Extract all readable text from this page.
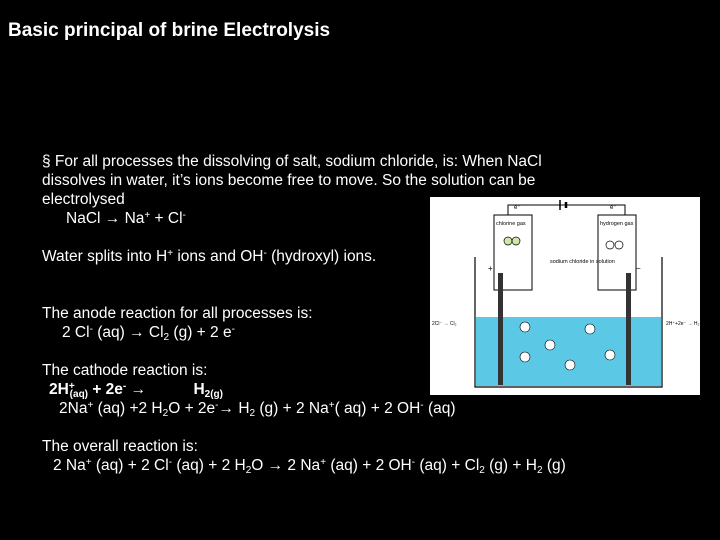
Basic principal of brine Electrolysis
§ For all processes the dissolving of salt, sodium chloride, is: When NaCl
dissolves in water, it’s ions become free to move. So the solution can be
electrolysed
NaCl → Na+ + Cl-
Water splits into H+ ions and OH- (hydroxyl) ions.
The anode reaction for all processes is:
2 Cl- $(aq) \to Cl_2$ (g) + 2 e-
The cathode reaction is:
$2H^+_{(aq)} + 2e^-$ →           $H_{2(g)}$
2Na+ (aq) +2 $H_2O + 2e^-\to H_2$ (g) + 2 Na+( aq) + 2 OH- (aq)
The overall reaction is:
2 Na+ (aq) + 2 Cl- (aq) + 2 $H_2O \to 2$ Na+ (aq) + 2 OH- $(aq) + Cl_2$ $(g) + H_2$ (g)
e⁻	e⁻
chlorine gas	hydrogen gas
+	−
sodium chloride in solution
2Cl⁻ → Cl₂	2H⁺+2e⁻ → H₂
